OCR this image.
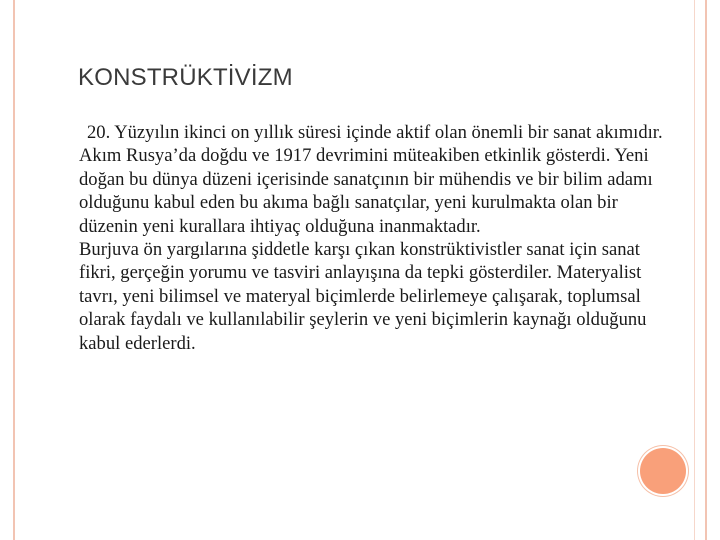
KONSTRÜKTİVİZM

20. Yüzyılın ikinci on yıllık süresi içinde aktif olan önemli bir sanat akımıdır. Akım Rusya’da doğdu ve 1917 devrimini müteakiben etkinlik gösterdi. Yeni doğan bu dünya düzeni içerisinde sanatçının bir mühendis ve bir bilim adamı olduğunu kabul eden bu akıma bağlı sanatçılar, yeni kurulmakta olan bir düzenin yeni kurallara ihtiyaç olduğuna inanmaktadır.

Burjuva ön yargılarına şiddetle karşı çıkan konstrüktivistler sanat için sanat fikri, gerçeğin yorumu ve tasviri anlayışına da tepki gösterdiler. Materyalist tavrı, yeni bilimsel ve materyal biçimlerde belirlemeye çalışarak, toplumsal olarak faydalı ve kullanılabilir şeylerin ve yeni biçimlerin kaynağı olduğunu kabul ederlerdi.
